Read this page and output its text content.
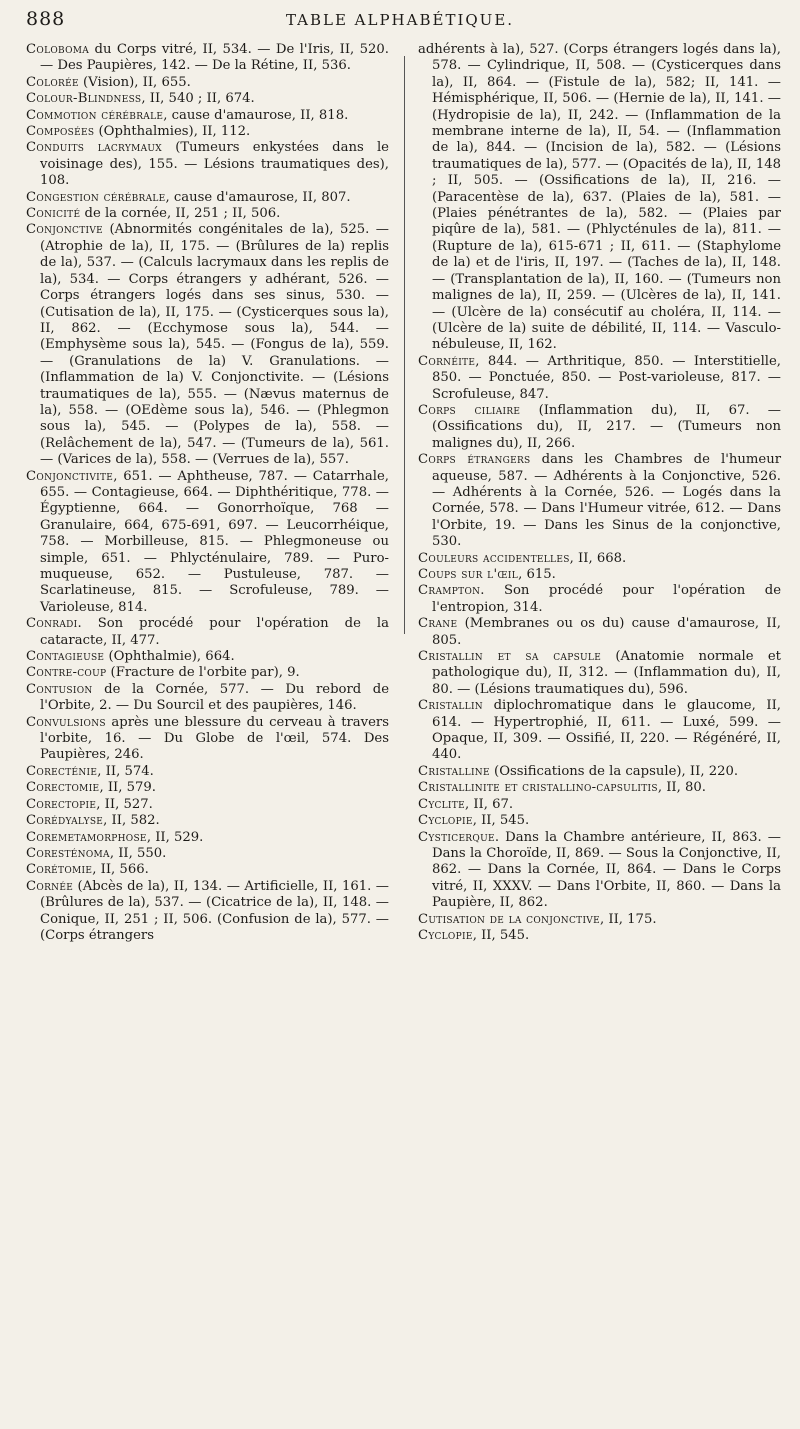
888	TABLE ALPHABÉTIQUE.

Coloboma du Corps vitré, II, 534. — De l'Iris, II, 520. — Des Paupières, 142. — De la Rétine, II, 536.

Colorée (Vision), II, 655.

Colour-Blindness, II, 540 ; II, 674.

Commotion cérébrale, cause d'amaurose, II, 818.

Composées (Ophthalmies), II, 112.

Conduits lacrymaux (Tumeurs enkystées dans le voisinage des), 155. — Lésions traumatiques des), 108.

Congestion cérébrale, cause d'amaurose, II, 807.

Conicité de la cornée, II, 251 ; II, 506.

Conjonctive (Abnormités congénitales de la), 525. — (Atrophie de la), II, 175. — (Brûlures de la) replis de la), 537. — (Calculs lacrymaux dans les replis de la), 534. — Corps étrangers y adhérant, 526. — Corps étrangers logés dans ses sinus, 530. — (Cutisation de la), II, 175. — (Cysticerques sous la), II, 862. — (Ecchymose sous la), 544. — (Emphysème sous la), 545. — (Fongus de la), 559. — (Granulations de la) V. Granulations. — (Inflammation de la) V. Conjonctivite. — (Lésions traumatiques de la), 555. — (Nævus maternus de la), 558. — (OEdème sous la), 546. — (Phlegmon sous la), 545. — (Polypes de la), 558. — (Relâchement de la), 547. — (Tumeurs de la), 561. — (Varices de la), 558. — (Verrues de la), 557.

Conjonctivite, 651. — Aphtheuse, 787. — Catarrhale, 655. — Contagieuse, 664. — Diphthéritique, 778. — Égyptienne, 664. — Gonorrhoïque, 768 — Granulaire, 664, 675-691, 697. — Leucorrhéique, 758. — Morbilleuse, 815. — Phlegmoneuse ou simple, 651. — Phlycténulaire, 789. — Puro-muqueuse, 652. — Pustuleuse, 787. — Scarlatineuse, 815. — Scrofuleuse, 789. — Varioleuse, 814.

Conradi. Son procédé pour l'opération de la cataracte, II, 477.

Contagieuse (Ophthalmie), 664.

Contre-coup (Fracture de l'orbite par), 9.

Contusion de la Cornée, 577. — Du rebord de l'Orbite, 2. — Du Sourcil et des paupières, 146.

Convulsions après une blessure du cerveau à travers l'orbite, 16. — Du Globe de l'œil, 574. Des Paupières, 246.

Corecténie, II, 574.

Corectomie, II, 579.

Corectopie, II, 527.

Corédyalyse, II, 582.

Coremetamorphose, II, 529.

Coresténoma, II, 550.

Corétomie, II, 566.

Cornée (Abcès de la), II, 134. — Artificielle, II, 161. — (Brûlures de la), 537. — (Cicatrice de la), II, 148. — Conique, II, 251 ; II, 506. (Confusion de la), 577. — (Corps étrangers

adhérents à la), 527. (Corps étrangers logés dans la), 578. — Cylindrique, II, 508. — (Cysticerques dans la), II, 864. — (Fistule de la), 582; II, 141. — Hémisphérique, II, 506. — (Hernie de la), II, 141. — (Hydropisie de la), II, 242. — (Inflammation de la membrane interne de la), II, 54. — (Inflammation de la), 844. — (Incision de la), 582. — (Lésions traumatiques de la), 577. — (Opacités de la), II, 148 ; II, 505. — (Ossifications de la), II, 216. — (Paracentèse de la), 637. (Plaies de la), 581. — (Plaies pénétrantes de la), 582. — (Plaies par piqûre de la), 581. — (Phlycténules de la), 811. — (Rupture de la), 615-671 ; II, 611. — (Staphylome de la) et de l'iris, II, 197. — (Taches de la), II, 148. — (Transplantation de la), II, 160. — (Tumeurs non malignes de la), II, 259. — (Ulcères de la), II, 141. — (Ulcère de la) consécutif au choléra, II, 114. — (Ulcère de la) suite de débilité, II, 114. — Vasculo-nébuleuse, II, 162.

Cornéite, 844. — Arthritique, 850. — Interstitielle, 850. — Ponctuée, 850. — Post-varioleuse, 817. — Scrofuleuse, 847.

Corps ciliaire (Inflammation du), II, 67. — (Ossifications du), II, 217. — (Tumeurs non malignes du), II, 266.

Corps étrangers dans les Chambres de l'humeur aqueuse, 587. — Adhérents à la Conjonctive, 526. — Adhérents à la Cornée, 526. — Logés dans la Cornée, 578. — Dans l'Humeur vitrée, 612. — Dans l'Orbite, 19. — Dans les Sinus de la conjonctive, 530.

Couleurs accidentelles, II, 668.

Coups sur l'œil, 615.

Crampton. Son procédé pour l'opération de l'entropion, 314.

Crane (Membranes ou os du) cause d'amaurose, II, 805.

Cristallin et sa capsule (Anatomie normale et pathologique du), II, 312. — (Inflammation du), II, 80. — (Lésions traumatiques du), 596.

Cristallin diplochromatique dans le glaucome, II, 614. — Hypertrophié, II, 611. — Luxé, 599. — Opaque, II, 309. — Ossifié, II, 220. — Régénéré, II, 440.

Cristalline (Ossifications de la capsule), II, 220.

Cristallinite et cristallino-capsulitis, II, 80.

Cyclite, II, 67.

Cyclopie, II, 545.

Cysticerque. Dans la Chambre antérieure, II, 863. — Dans la Choroïde, II, 869. — Sous la Conjonctive, II, 862. — Dans la Cornée, II, 864. — Dans le Corps vitré, II, XXXV. — Dans l'Orbite, II, 860. — Dans la Paupière, II, 862.

Cutisation de la conjonctive, II, 175.

Cyclopie, II, 545.
